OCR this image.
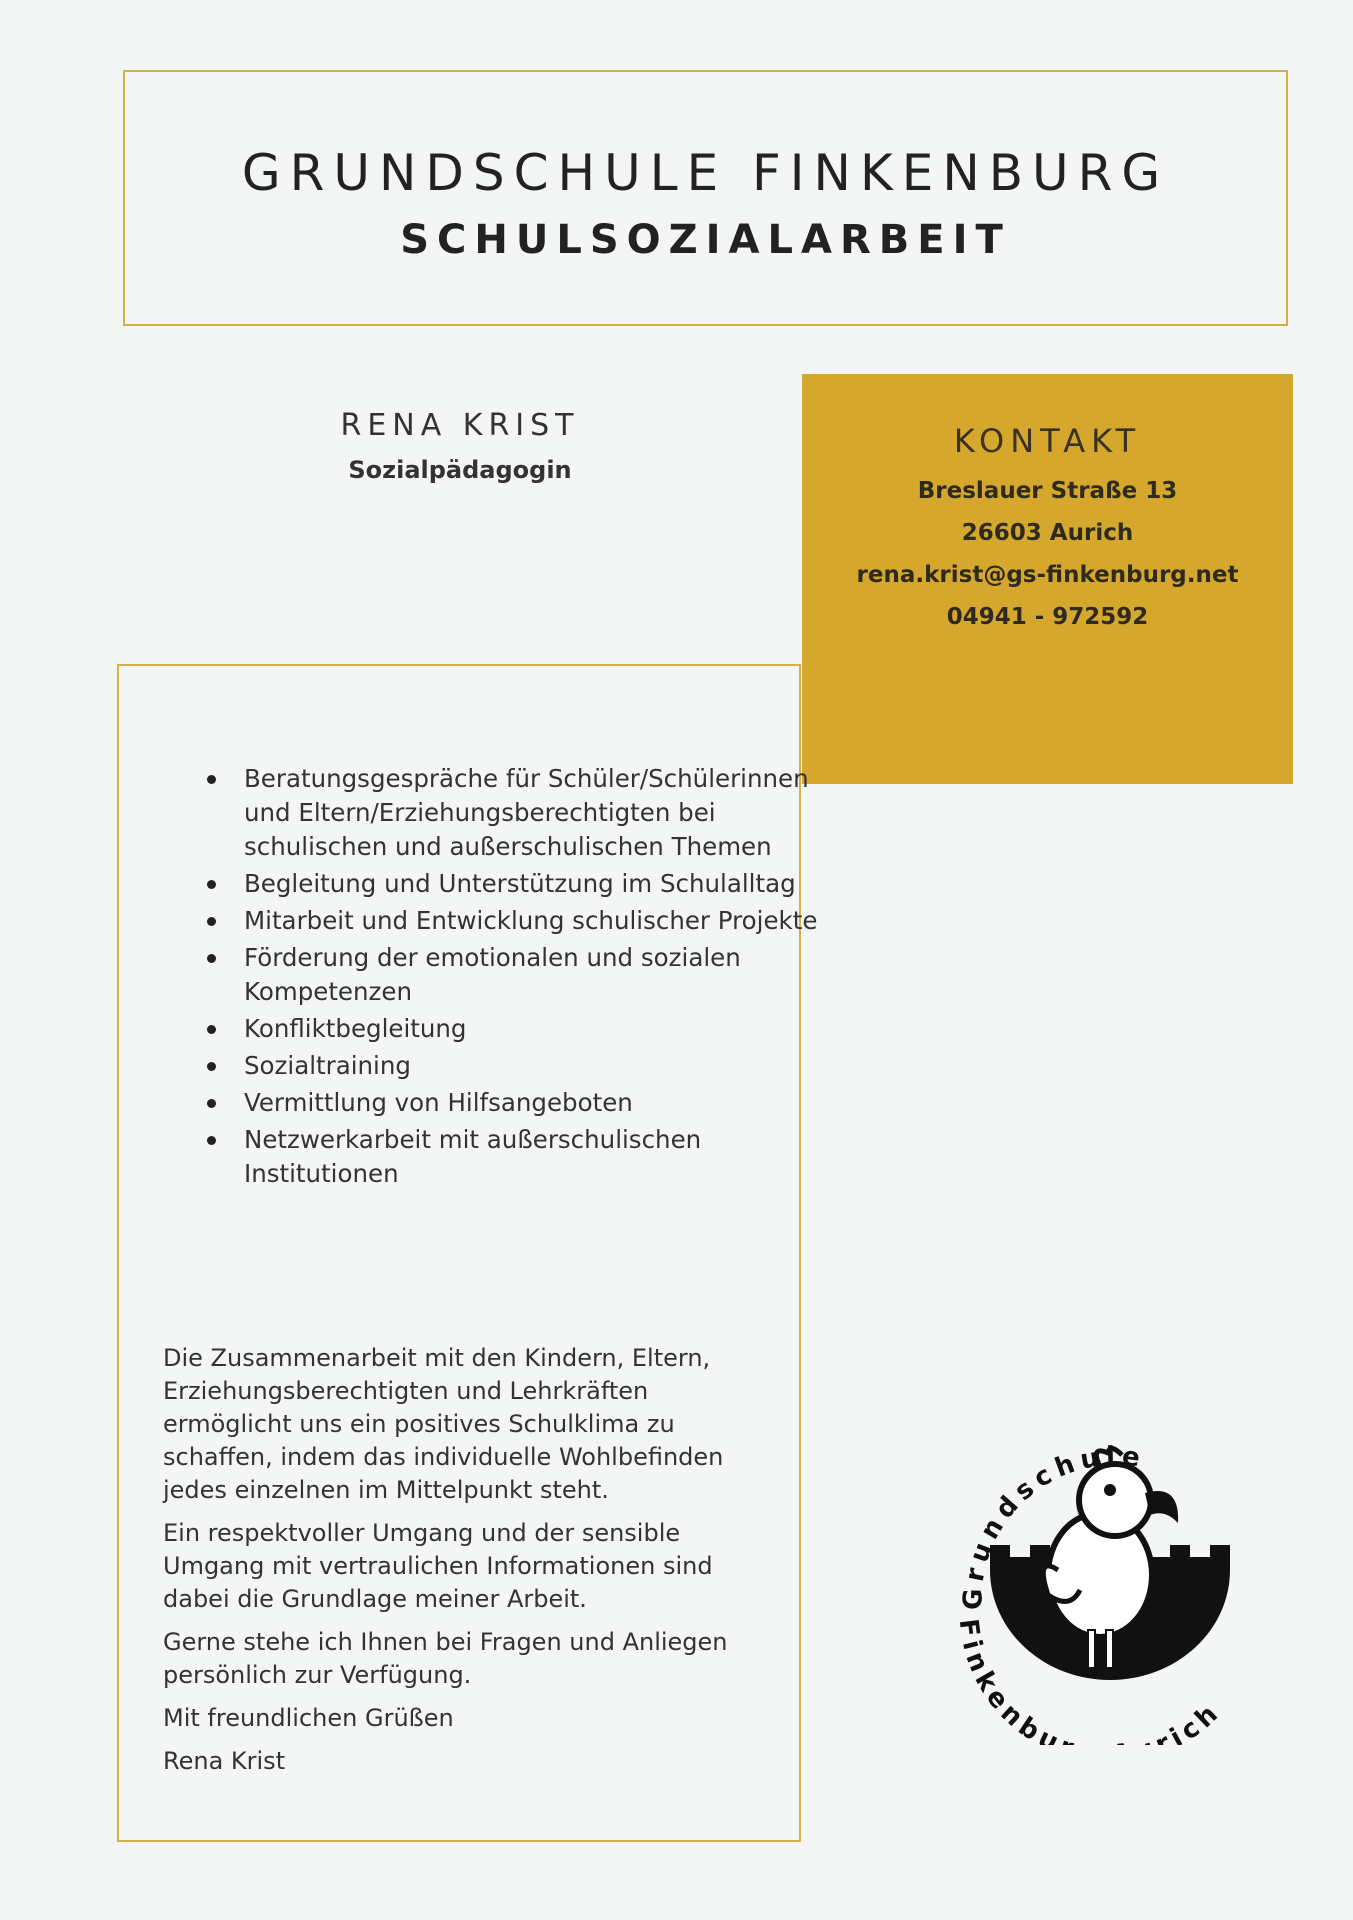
GRUNDSCHULE FINKENBURG
SCHULSOZIALARBEIT
RENA KRIST
Sozialpädagogin
KONTAKT
Breslauer Straße 13
26603 Aurich
rena.krist@gs-finkenburg.net
04941 - 972592
Beratungsgespräche für Schüler/Schülerinnen und Eltern/Erziehungsberechtigten bei schulischen und außerschulischen Themen
Begleitung und Unterstützung im Schulalltag
Mitarbeit und Entwicklung schulischer Projekte
Förderung der emotionalen und sozialen Kompetenzen
Konfliktbegleitung
Sozialtraining
Vermittlung von Hilfsangeboten
Netzwerkarbeit mit außerschulischen Institutionen

Die Zusammenarbeit mit den Kindern, Eltern, Erziehungsberechtigten und Lehrkräften ermöglicht uns ein positives Schulklima zu schaffen, indem das individuelle Wohlbefinden jedes einzelnen im Mittelpunkt steht.

Ein respektvoller Umgang und der sensible Umgang mit vertraulichen Informationen sind dabei die Grundlage meiner Arbeit.

Gerne stehe ich Ihnen bei Fragen und Anliegen persönlich zur Verfügung.

Mit freundlichen Grüßen

Rena Krist

Grundschule
Finkenbu rich
